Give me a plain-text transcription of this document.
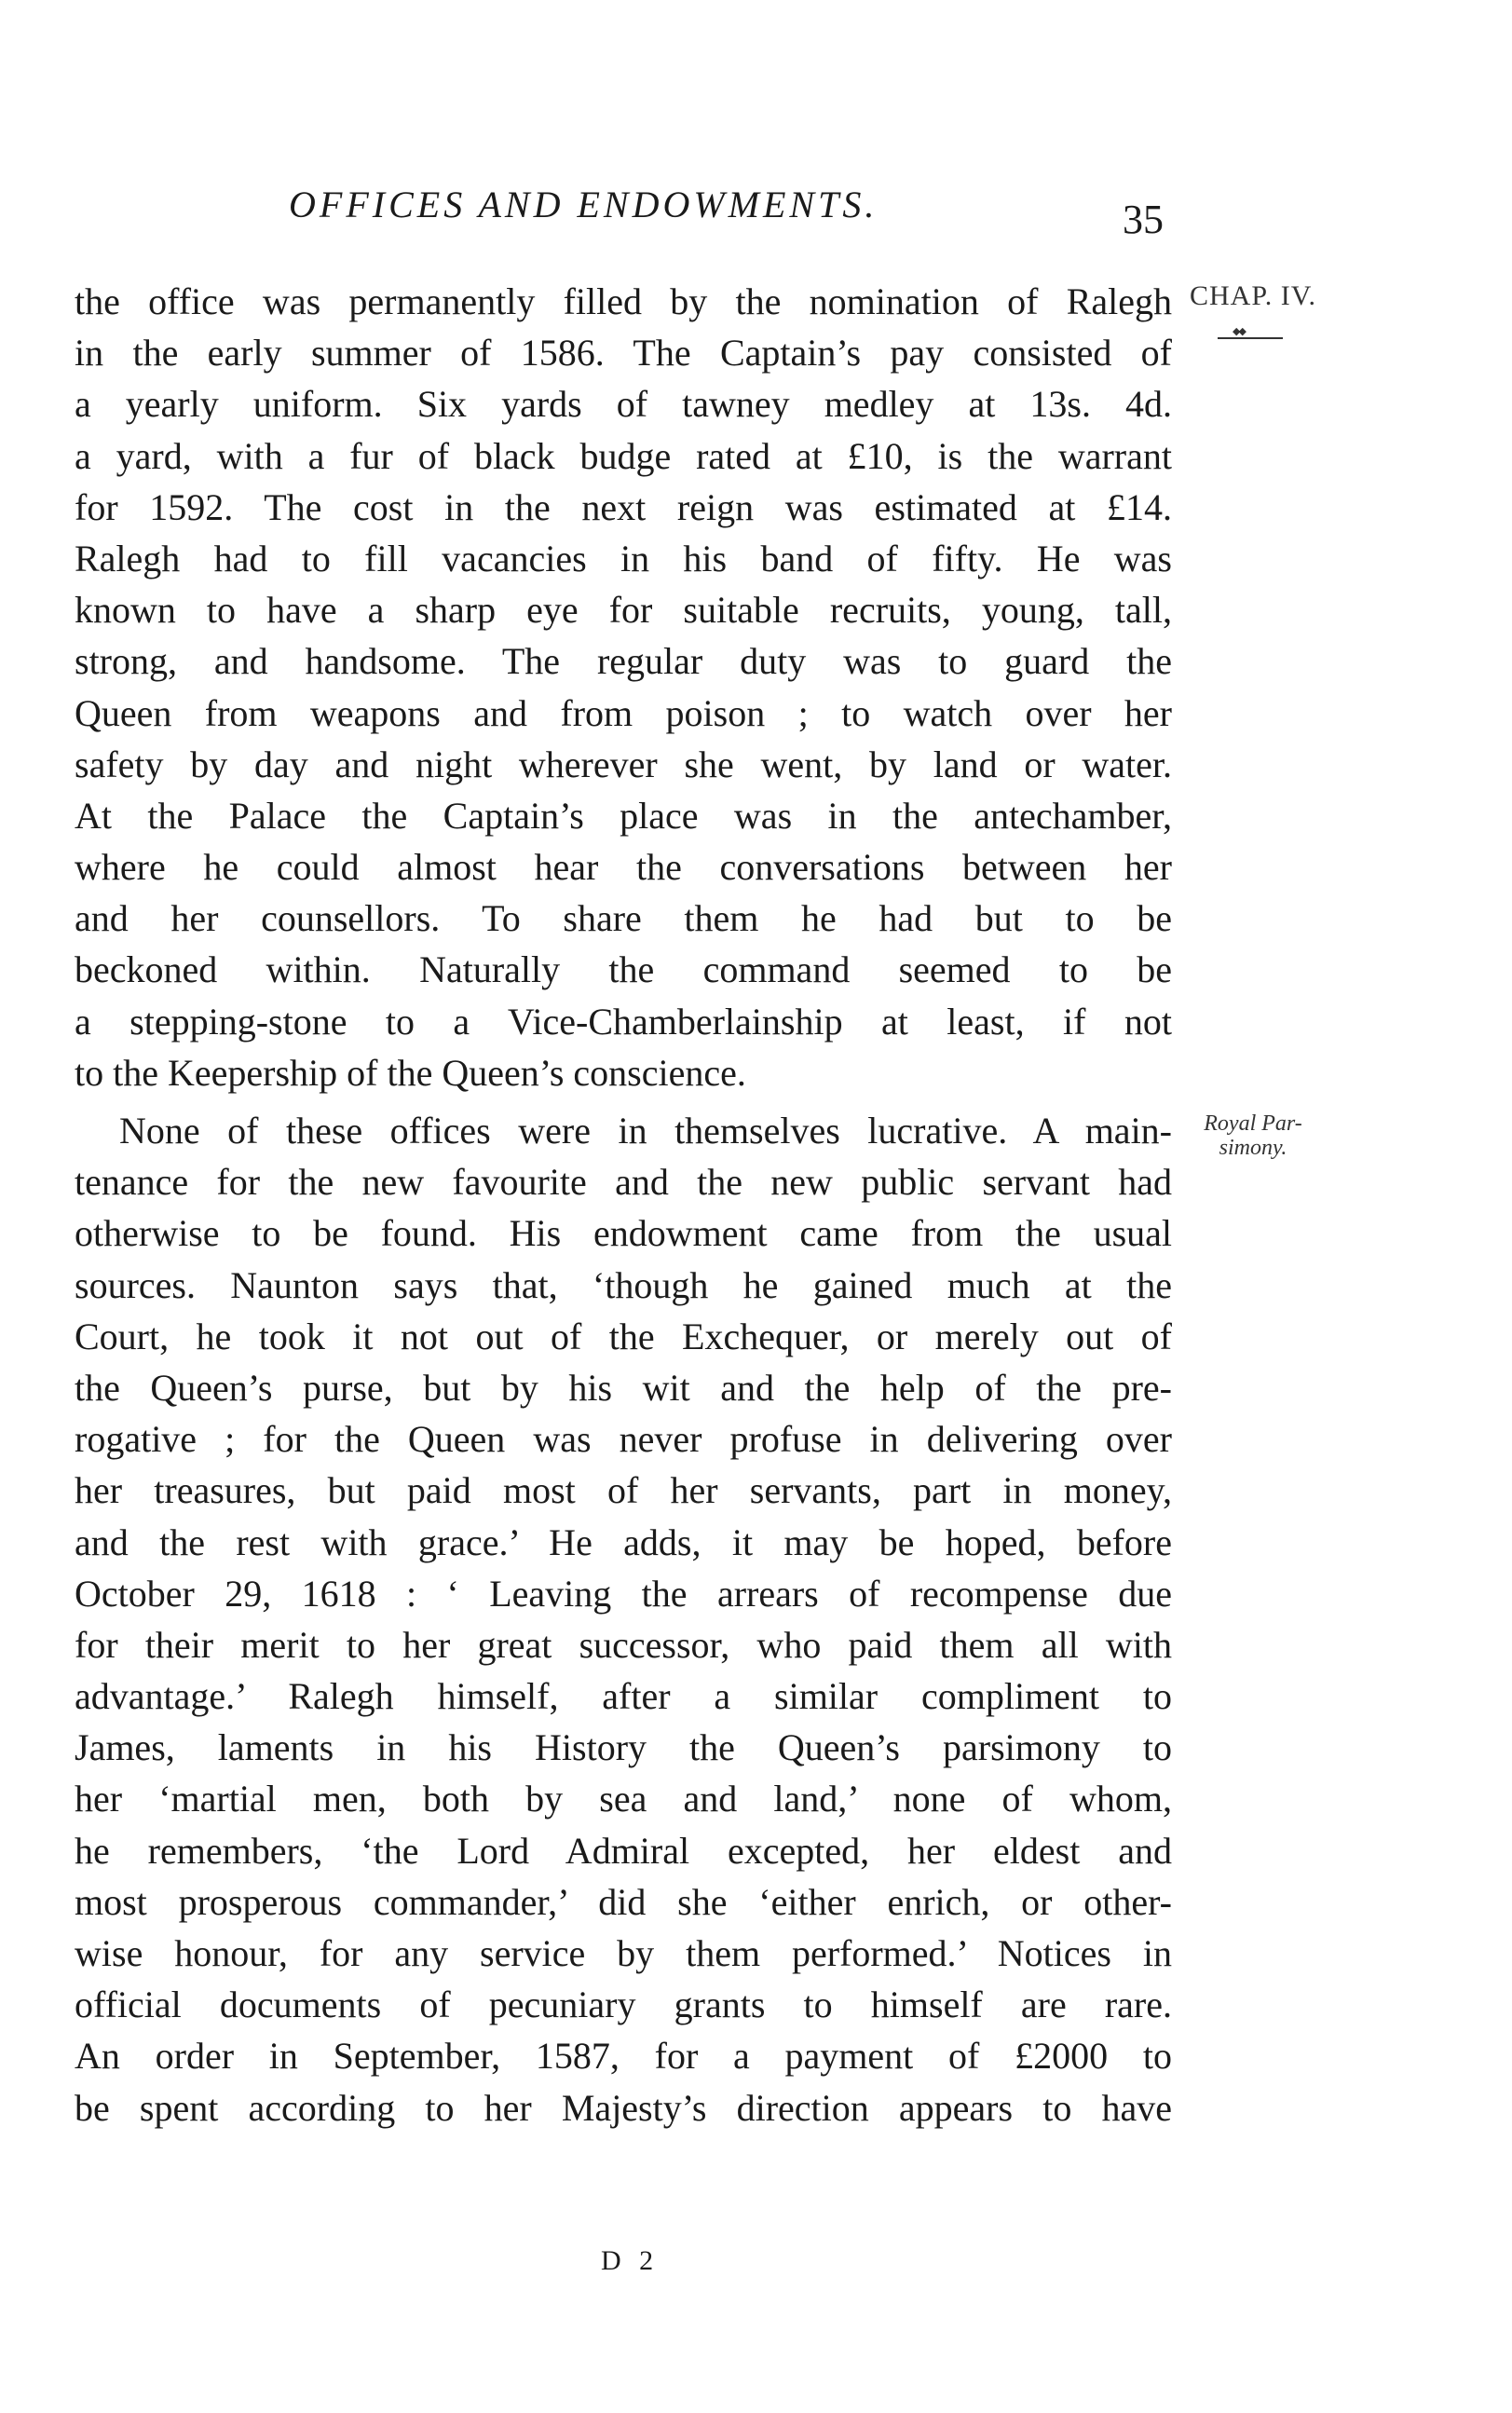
OFFICES AND ENDOWMENTS.	35
CHAP. IV.
◆◆
Royal Par-
simony.
the office was permanently filled by the nomination of Ralegh
in the early summer of 1586. The Captain’s pay consisted of
a yearly uniform. Six yards of tawney medley at 13s. 4d.
a yard, with a fur of black budge rated at £10, is the warrant
for 1592. The cost in the next reign was estimated at £14.
Ralegh had to fill vacancies in his band of fifty. He was
known to have a sharp eye for suitable recruits, young, tall,
strong, and handsome. The regular duty was to guard the
Queen from weapons and from poison ; to watch over her
safety by day and night wherever she went, by land or water.
At the Palace the Captain’s place was in the antechamber,
where he could almost hear the conversations between her
and her counsellors. To share them he had but to be
beckoned within. Naturally the command seemed to be
a stepping-stone to a Vice-Chamberlainship at least, if not
to the Keepership of the Queen’s conscience.
None of these offices were in themselves lucrative. A main-
tenance for the new favourite and the new public servant had
otherwise to be found. His endowment came from the usual
sources. Naunton says that, ‘though he gained much at the
Court, he took it not out of the Exchequer, or merely out of
the Queen’s purse, but by his wit and the help of the pre-
rogative ; for the Queen was never profuse in delivering over
her treasures, but paid most of her servants, part in money,
and the rest with grace.’ He adds, it may be hoped, before
October 29, 1618 : ‘ Leaving the arrears of recompense due
for their merit to her great successor, who paid them all with
advantage.’ Ralegh himself, after a similar compliment to
James, laments in his History the Queen’s parsimony to
her ‘martial men, both by sea and land,’ none of whom,
he remembers, ‘the Lord Admiral excepted, her eldest and
most prosperous commander,’ did she ‘either enrich, or other-
wise honour, for any service by them performed.’ Notices in
official documents of pecuniary grants to himself are rare.
An order in September, 1587, for a payment of £2000 to
be spent according to her Majesty’s direction appears to have
D 2
